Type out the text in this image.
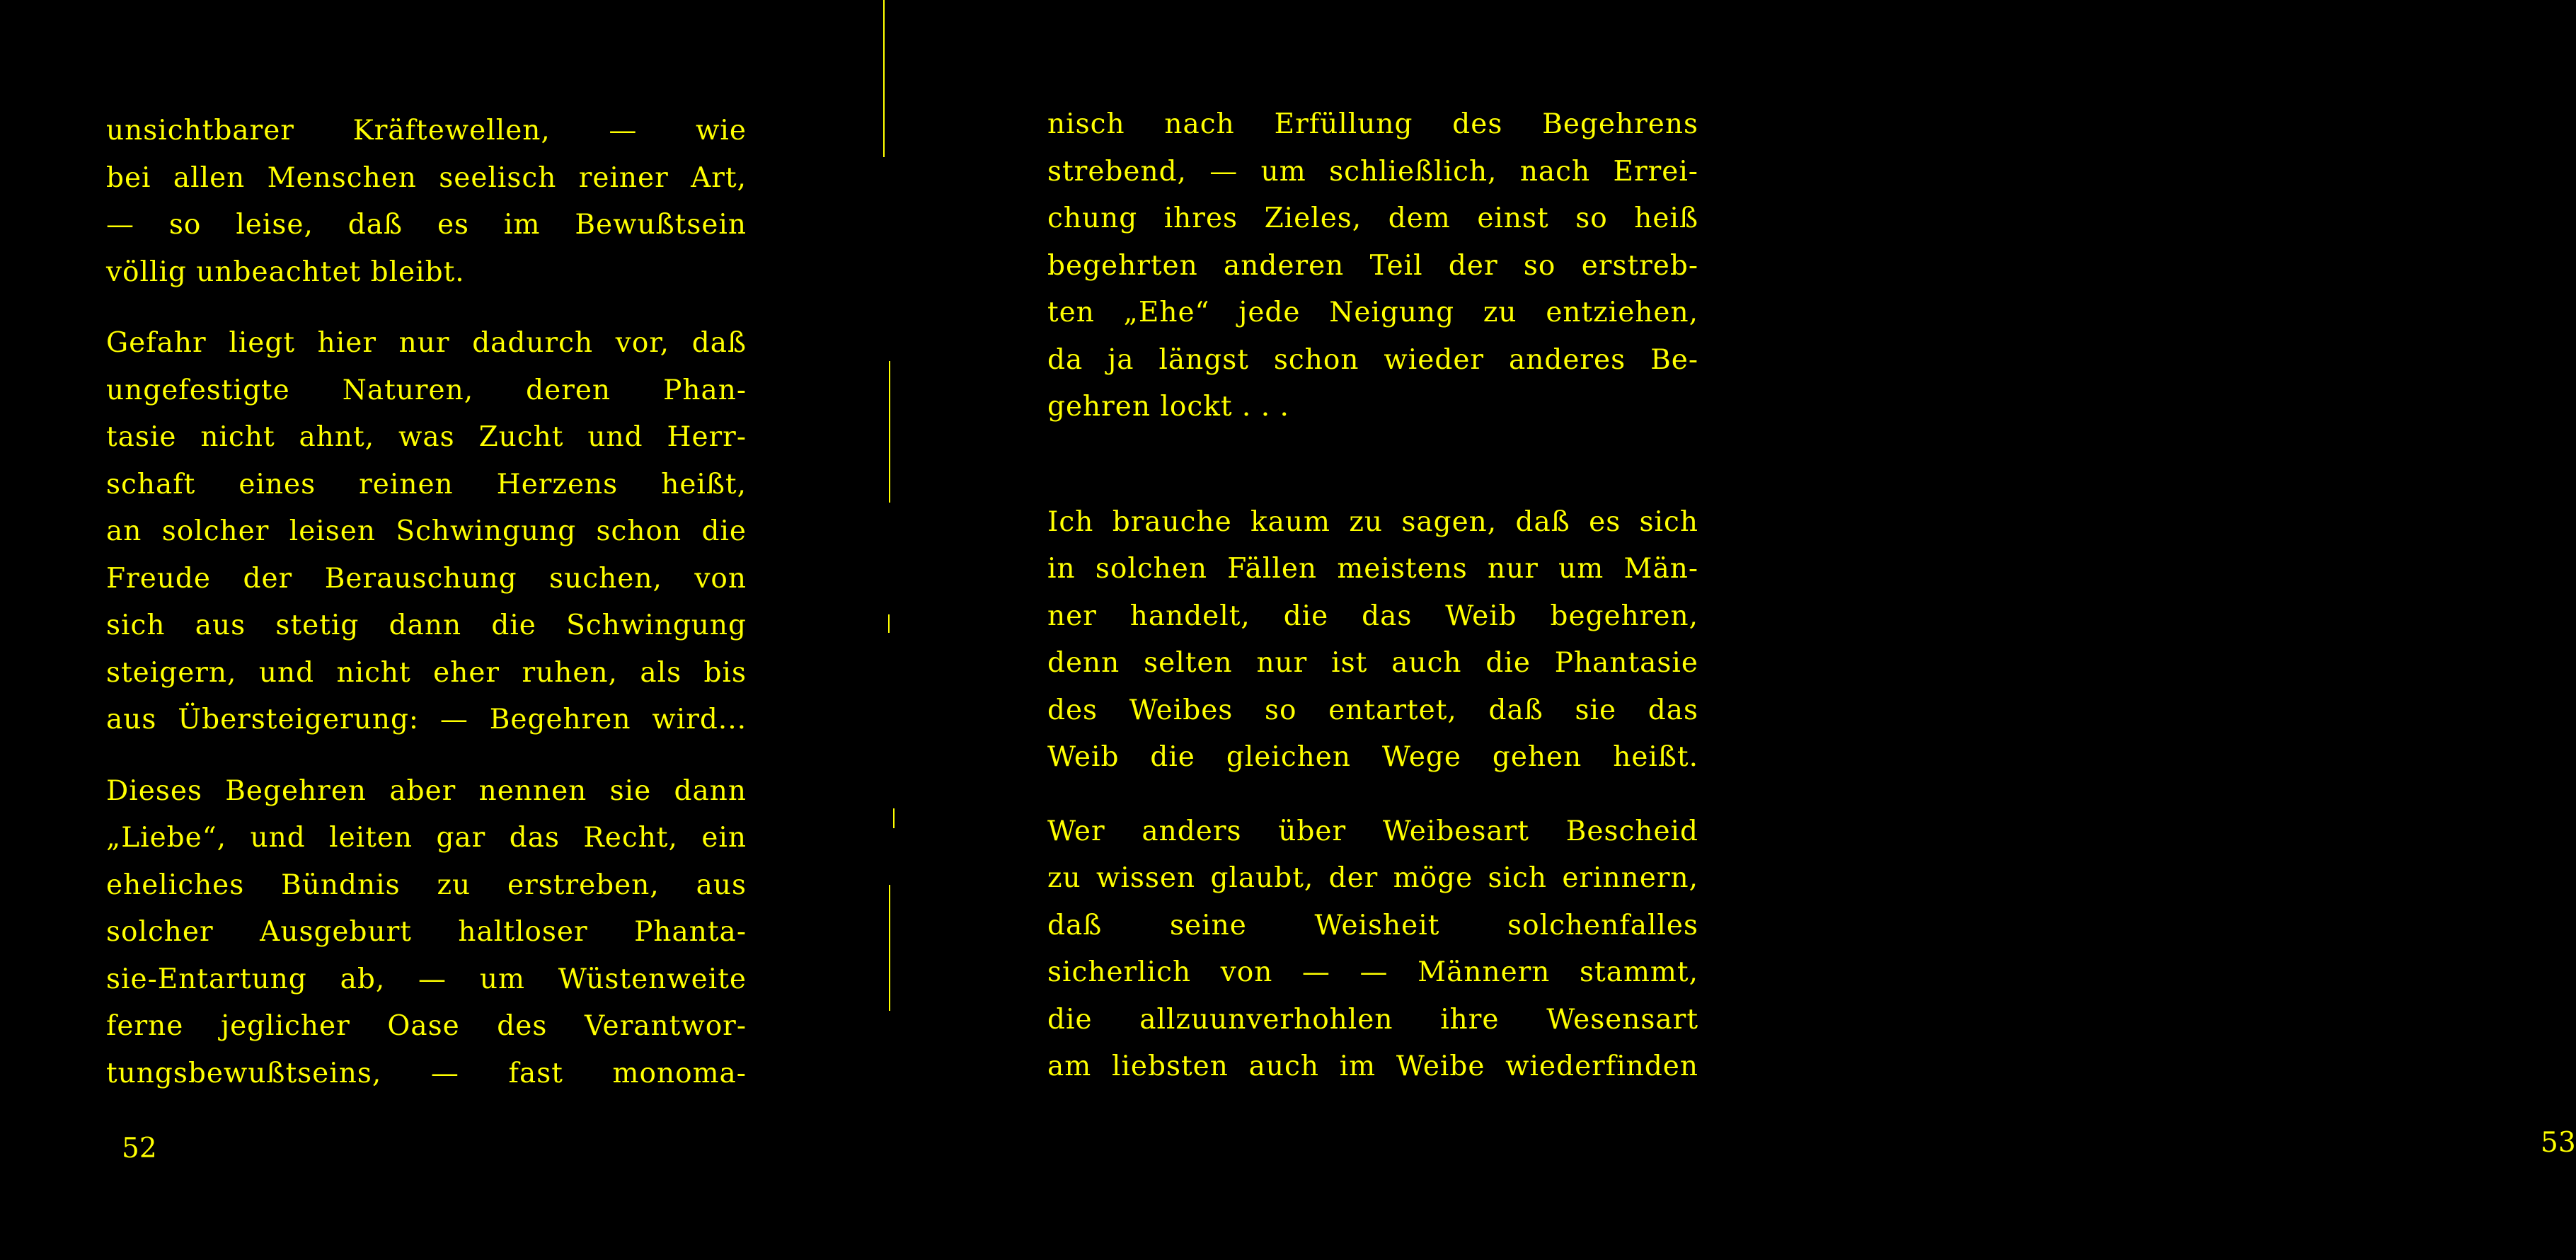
unsichtbarer Kräftewellen, — wie
bei allen Menschen seelisch reiner Art,
— so leise, daß es im Bewußtsein
völlig unbeachtet bleibt.
Gefahr liegt hier nur dadurch vor, daß
ungefestigte Naturen, deren Phan-
tasie nicht ahnt, was Zucht und Herr-
schaft eines reinen Herzens heißt,
an solcher leisen Schwingung schon die
Freude der Berauschung suchen, von
sich aus stetig dann die Schwingung
steigern, und nicht eher ruhen, als bis
aus Übersteigerung: — Begehren wird...
Dieses Begehren aber nennen sie dann
„Liebe“, und leiten gar das Recht, ein
eheliches Bündnis zu erstreben, aus
solcher Ausgeburt haltloser Phanta-
sie-Entartung ab, — um Wüstenweite
ferne jeglicher Oase des Verantwor-
tungsbewußtseins, — fast monoma-
52
nisch nach Erfüllung des Begehrens
strebend, — um schließlich, nach Errei-
chung ihres Zieles, dem einst so heiß
begehrten anderen Teil der so erstreb-
ten „Ehe“ jede Neigung zu entziehen,
da ja längst schon wieder anderes Be-
gehren lockt . . .
Ich brauche kaum zu sagen, daß es sich
in solchen Fällen meistens nur um Män-
ner handelt, die das Weib begehren,
denn selten nur ist auch die Phantasie
des Weibes so entartet, daß sie das
Weib die gleichen Wege gehen heißt.
Wer anders über Weibesart Bescheid
zu wissen glaubt, der möge sich erinnern,
daß seine Weisheit solchenfalles
sicherlich von — — Männern stammt,
die allzuunverhohlen ihre Wesensart
am liebsten auch im Weibe wiederfinden
53
